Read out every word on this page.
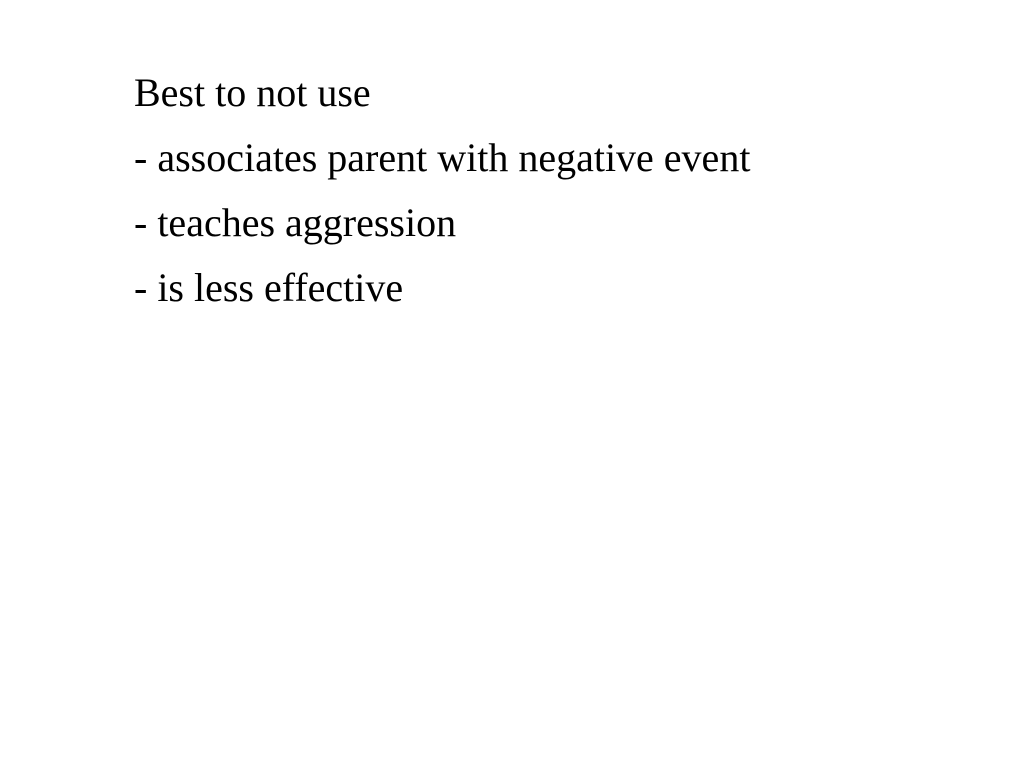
Best to not use
- associates parent with negative event
- teaches aggression
- is less effective
